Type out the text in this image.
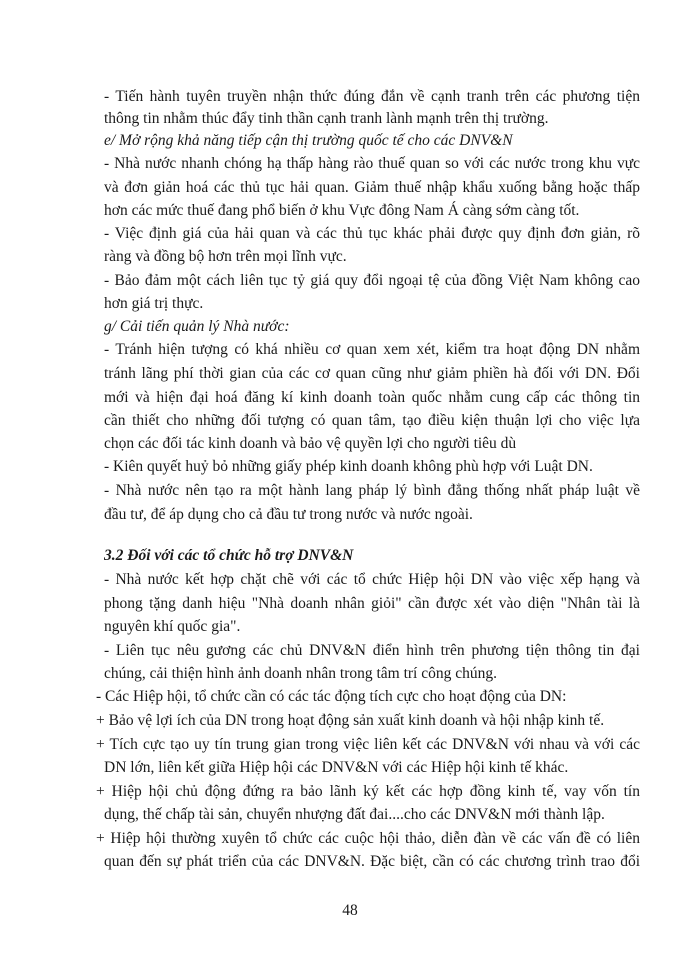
- Tiến hành tuyên truyền nhận thức đúng đắn về cạnh tranh trên các phương tiện
thông tin nhằm thúc đẩy tinh thần cạnh tranh lành mạnh trên thị trường.
e/ Mở rộng khả năng tiếp cận thị trường quốc tế cho các DNV&N
- Nhà nước nhanh chóng hạ thấp hàng rào thuế quan so với các nước trong khu vực
và đơn giản hoá các thủ tục hải quan. Giảm thuế nhập khẩu xuống bằng hoặc thấp
hơn các mức thuế đang phổ biến ở khu Vực đông Nam Á càng sớm càng tốt.
- Việc định giá của hải quan và các thủ tục khác phải được quy định đơn giản, rõ
ràng và đồng bộ hơn trên mọi lĩnh vực.
- Bảo đảm một cách liên tục tỷ giá quy đổi ngoại tệ của đồng Việt Nam không cao
hơn giá trị thực.
g/ Cải tiến quản lý Nhà nước:
- Tránh hiện tượng có khá nhiều cơ quan xem xét, kiểm tra hoạt động DN nhằm
tránh lãng phí thời gian của các cơ quan cũng như giảm phiền hà đối với DN. Đổi
mới và hiện đại hoá đăng kí kinh doanh toàn quốc nhằm cung cấp các thông tin
cần thiết cho những đối tượng có quan tâm, tạo điều kiện thuận lợi cho việc lựa
chọn các đối tác kinh doanh và bảo vệ quyền lợi cho người tiêu dù
- Kiên quyết huỷ bỏ những giấy phép kinh doanh không phù hợp với Luật DN.
- Nhà nước nên tạo ra một hành lang pháp lý bình đẳng thống nhất pháp luật về
đầu tư, để áp dụng cho cả đầu tư trong nước và nước ngoài.
3.2 Đối với các tổ chức hỗ trợ DNV&N
- Nhà nước kết hợp chặt chẽ với các tổ chức Hiệp hội DN vào việc xếp hạng và
phong tặng danh hiệu "Nhà doanh nhân giỏi" cần được xét vào diện "Nhân tài là
nguyên khí quốc gia".
- Liên tục nêu gương các chủ DNV&N điển hình trên phương tiện thông tin đại
chúng, cải thiện hình ảnh doanh nhân trong tâm trí công chúng.
- Các Hiệp hội, tổ chức cần có các tác động tích cực cho hoạt động của DN:
+ Bảo vệ lợi ích của DN trong hoạt động sản xuất kinh doanh và hội nhập kinh tế.
+ Tích cực tạo uy tín trung gian trong việc liên kết các DNV&N với nhau và với các
DN lớn, liên kết giữa Hiệp hội các DNV&N với các Hiệp hội kinh tế khác.
+ Hiệp hội chủ động đứng ra bảo lãnh ký kết các hợp đồng kinh tế, vay vốn tín
dụng, thế chấp tài sản, chuyển nhượng đất đai....cho các DNV&N mới thành lập.
+ Hiệp hội thường xuyên tổ chức các cuộc hội thảo, diễn đàn về các vấn đề có liên
quan đến sự phát triển của các DNV&N. Đặc biệt, cần có các chương trình trao đổi
48
